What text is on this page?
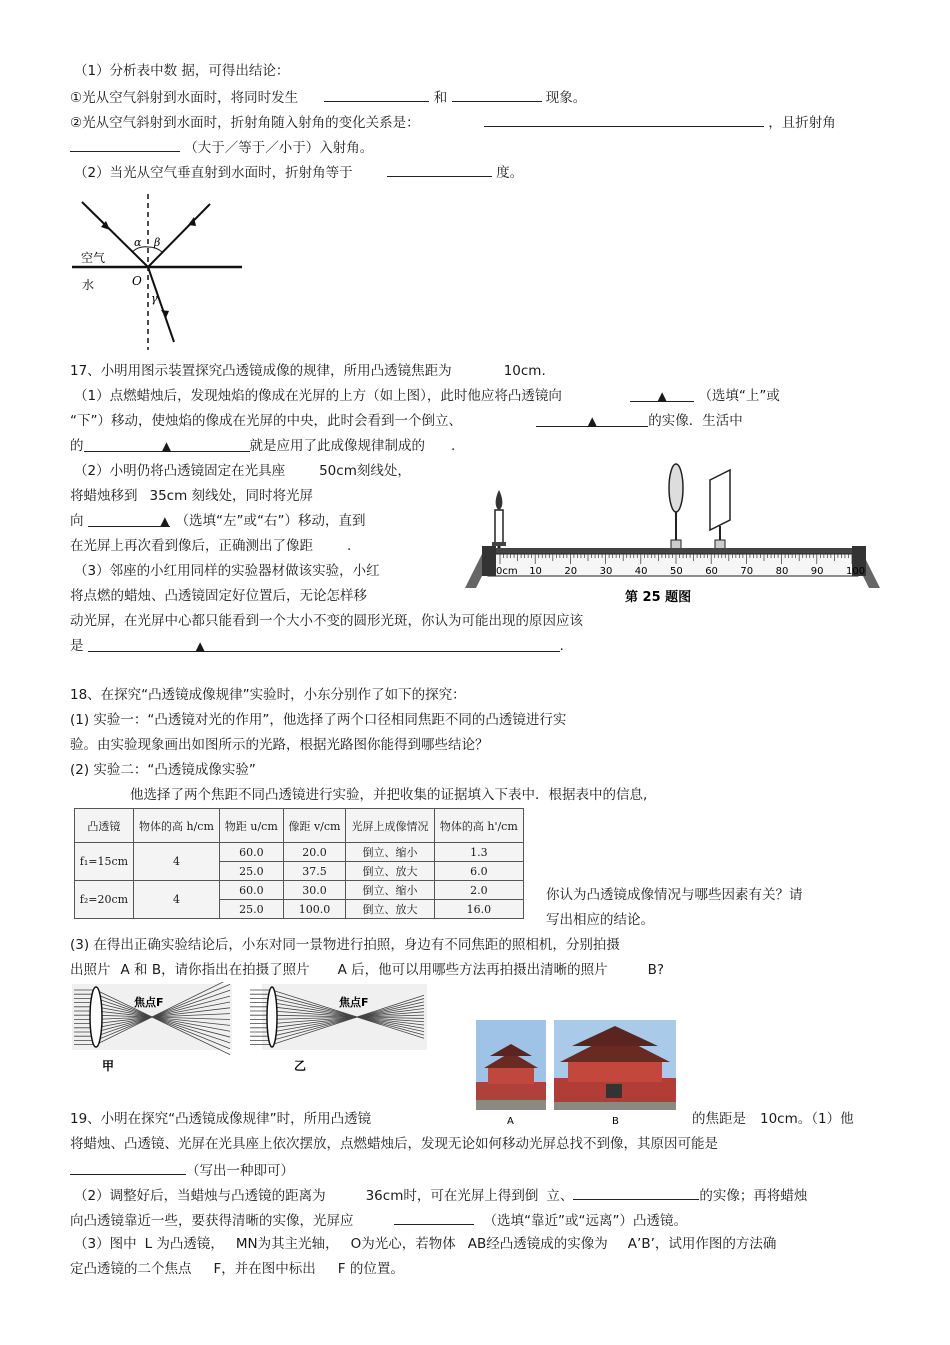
（1）分析表中数 据，可得出结论：
①光从空气斜射到水面时，将同时发生	和	现象。
②光从空气斜射到水面时，折射角随入射角的变化关系是：	，且折射角
（大于／等于／小于）入射角。
（2）当光从空气垂直射到水面时，折射角等于	度。
空气
水	O
α β
γ
17、小明用图示装置探究凸透镜成像的规律，所用凸透镜焦距为	10cm.
（1）点燃蜡烛后，发现烛焰的像成在光屏的上方（如上图），此时他应将凸透镜向	▲ （选填“上”或
“下”）移动，使烛焰的像成在光屏的中央，此时会看到一个倒立、	▲	的实像．生活中
的	▲	就是应用了此成像规律制成的 .
（2）小明仍将凸透镜固定在光具座	50cm刻线处，
将蜡烛移到 35cm 刻线处，同时将光屏
向	▲ （选填“左”或“右”）移动，直到
在光屏上再次看到像后，正确测出了像距	.
（3）邻座的小红用同样的实验器材做该实验，小红
将点燃的蜡烛、凸透镜固定好位置后，无论怎样移
动光屏，在光屏中心都只能看到一个大小不变的圆形光斑，你认为可能出现的原因应该
是	▲	.
0cm 10 20 30 40 50 60 70 80 90 100
第 25 题图
18、在探究“凸透镜成像规律”实验时，小东分别作了如下的探究：
(1) 实验一：“凸透镜对光的作用”，他选择了两个口径相同焦距不同的凸透镜进行实
验。由实验现象画出如图所示的光路，根据光路图你能得到哪些结论？
(2) 实验二：“凸透镜成像实验”
他选择了两个焦距不同凸透镜进行实验，并把收集的证据填入下表中．根据表中的信息,
凸透镜	物体的高 h/cm	物距 u/cm	像距 v/cm	光屏上成像情况	物体的高 h'/cm
f₁=15cm	4	60.0	20.0	倒立、缩小	1.3
		25.0	37.5	倒立、放大	6.0
f₂=20cm	4	60.0	30.0	倒立、缩小	2.0
		25.0	100.0	倒立、放大	16.0
你认为凸透镜成像情况与哪些因素有关？请
写出相应的结论。
(3) 在得出正确实验结论后，小东对同一景物进行拍照，身边有不同焦距的照相机，分别拍摄
出照片 A 和 B，请你指出在拍摄了照片 A 后，他可以用哪些方法再拍摄出清晰的照片	B?
焦点F	焦点F
甲	乙
A	B
19、小明在探究“凸透镜成像规律”时，所用凸透镜	的焦距是 10cm。（1）他
将蜡烛、凸透镜、光屏在光具座上依次摆放，点燃蜡烛后，发现无论如何移动光屏总找不到像，其原因可能是
（写出一种即可）
（2）调整好后，当蜡烛与凸透镜的距离为	36cm时，可在光屏上得到倒 立、	的实像；再将蜡烛
向凸透镜靠近一些，要获得清晰的实像，光屏应	（选填“靠近”或“远离”）凸透镜。
（3）图中 L 为凸透镜， MN为其主光轴， O为光心，若物体 AB经凸透镜成的实像为 A’B’，试用作图的方法确
定凸透镜的二个焦点 F，并在图中标出 F 的位置。
